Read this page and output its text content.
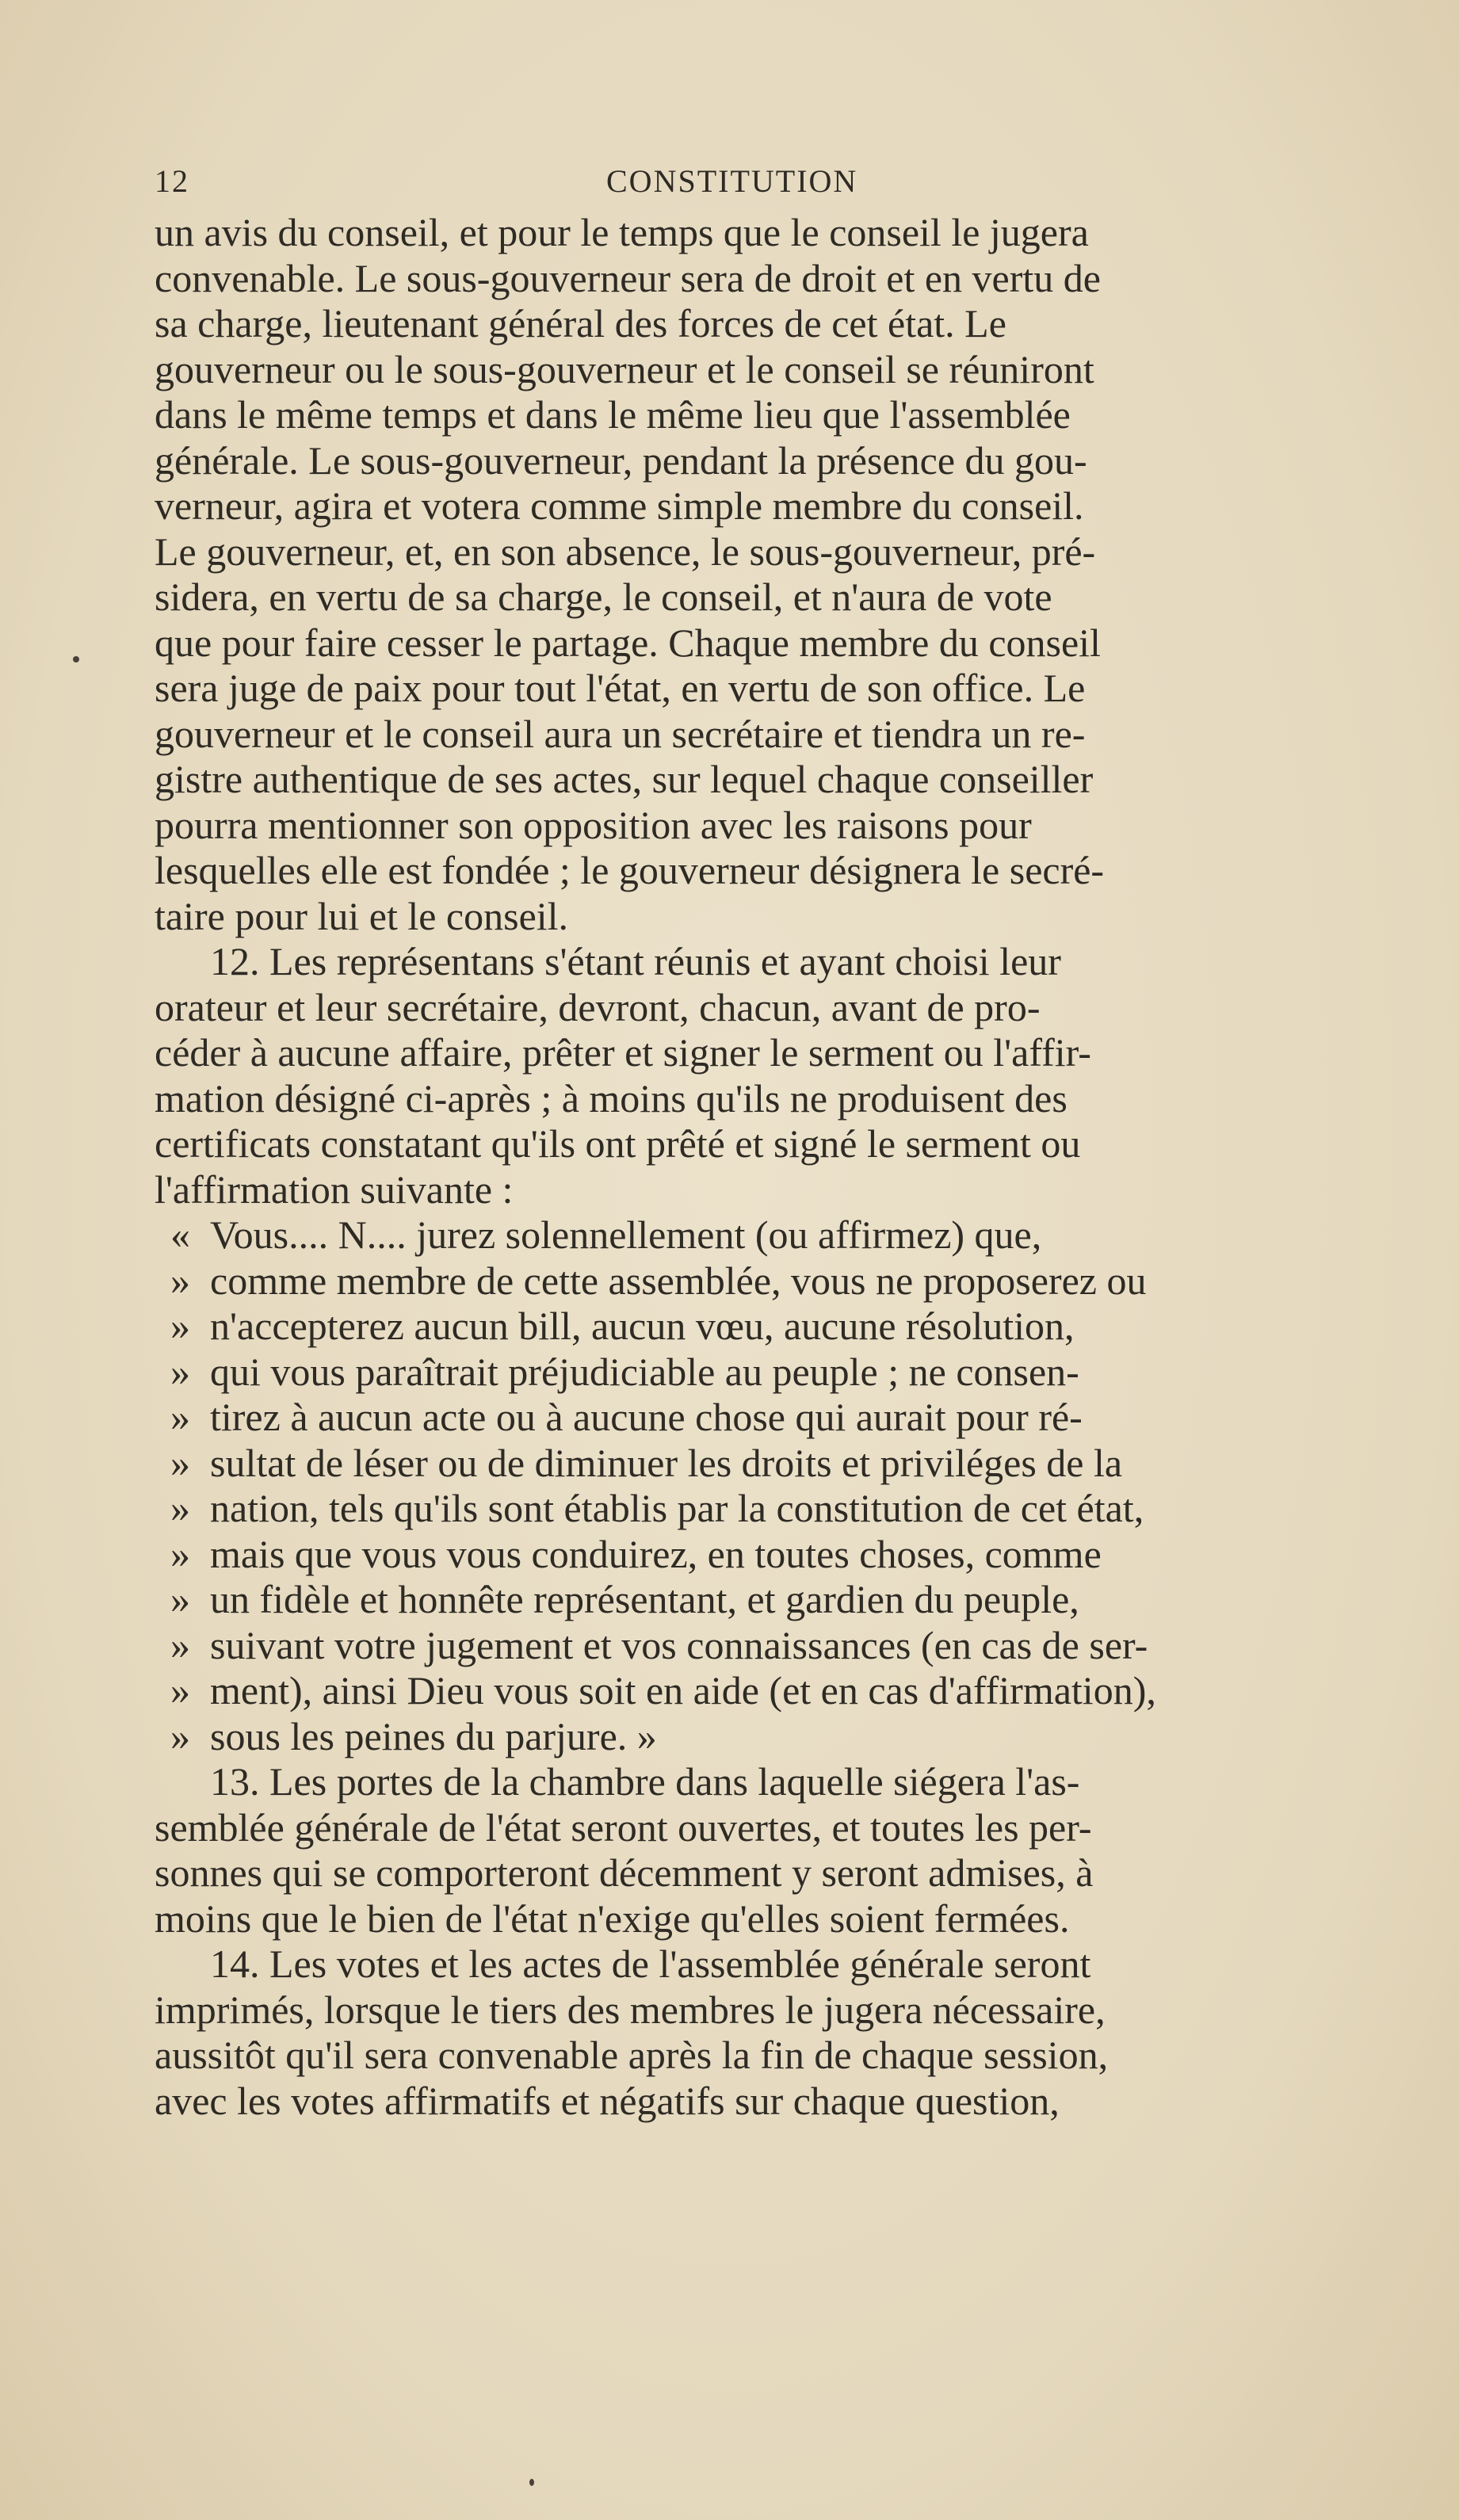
12	CONSTITUTION
un avis du conseil, et pour le temps que le conseil le jugera
convenable. Le sous-gouverneur sera de droit et en vertu de
sa charge, lieutenant général des forces de cet état. Le
gouverneur ou le sous-gouverneur et le conseil se réuniront
dans le même temps et dans le même lieu que l'assemblée
générale. Le sous-gouverneur, pendant la présence du gou-
verneur, agira et votera comme simple membre du conseil.
Le gouverneur, et, en son absence, le sous-gouverneur, pré-
sidera, en vertu de sa charge, le conseil, et n'aura de vote
que pour faire cesser le partage. Chaque membre du conseil
sera juge de paix pour tout l'état, en vertu de son office. Le
gouverneur et le conseil aura un secrétaire et tiendra un re-
gistre authentique de ses actes, sur lequel chaque conseiller
pourra mentionner son opposition avec les raisons pour
lesquelles elle est fondée ; le gouverneur désignera le secré-
taire pour lui et le conseil.
12. Les représentans s'étant réunis et ayant choisi leur
orateur et leur secrétaire, devront, chacun, avant de pro-
céder à aucune affaire, prêter et signer le serment ou l'affir-
mation désigné ci-après ; à moins qu'ils ne produisent des
certificats constatant qu'ils ont prêté et signé le serment ou
l'affirmation suivante :
« Vous.... N.... jurez solennellement (ou affirmez) que,
» comme membre de cette assemblée, vous ne proposerez ou
» n'accepterez aucun bill, aucun vœu, aucune résolution,
» qui vous paraîtrait préjudiciable au peuple ; ne consen-
» tirez à aucun acte ou à aucune chose qui aurait pour ré-
» sultat de léser ou de diminuer les droits et priviléges de la
» nation, tels qu'ils sont établis par la constitution de cet état,
» mais que vous vous conduirez, en toutes choses, comme
» un fidèle et honnête représentant, et gardien du peuple,
» suivant votre jugement et vos connaissances (en cas de ser-
» ment), ainsi Dieu vous soit en aide (et en cas d'affirmation),
» sous les peines du parjure. »
13. Les portes de la chambre dans laquelle siégera l'as-
semblée générale de l'état seront ouvertes, et toutes les per-
sonnes qui se comporteront décemment y seront admises, à
moins que le bien de l'état n'exige qu'elles soient fermées.
14. Les votes et les actes de l'assemblée générale seront
imprimés, lorsque le tiers des membres le jugera nécessaire,
aussitôt qu'il sera convenable après la fin de chaque session,
avec les votes affirmatifs et négatifs sur chaque question,
